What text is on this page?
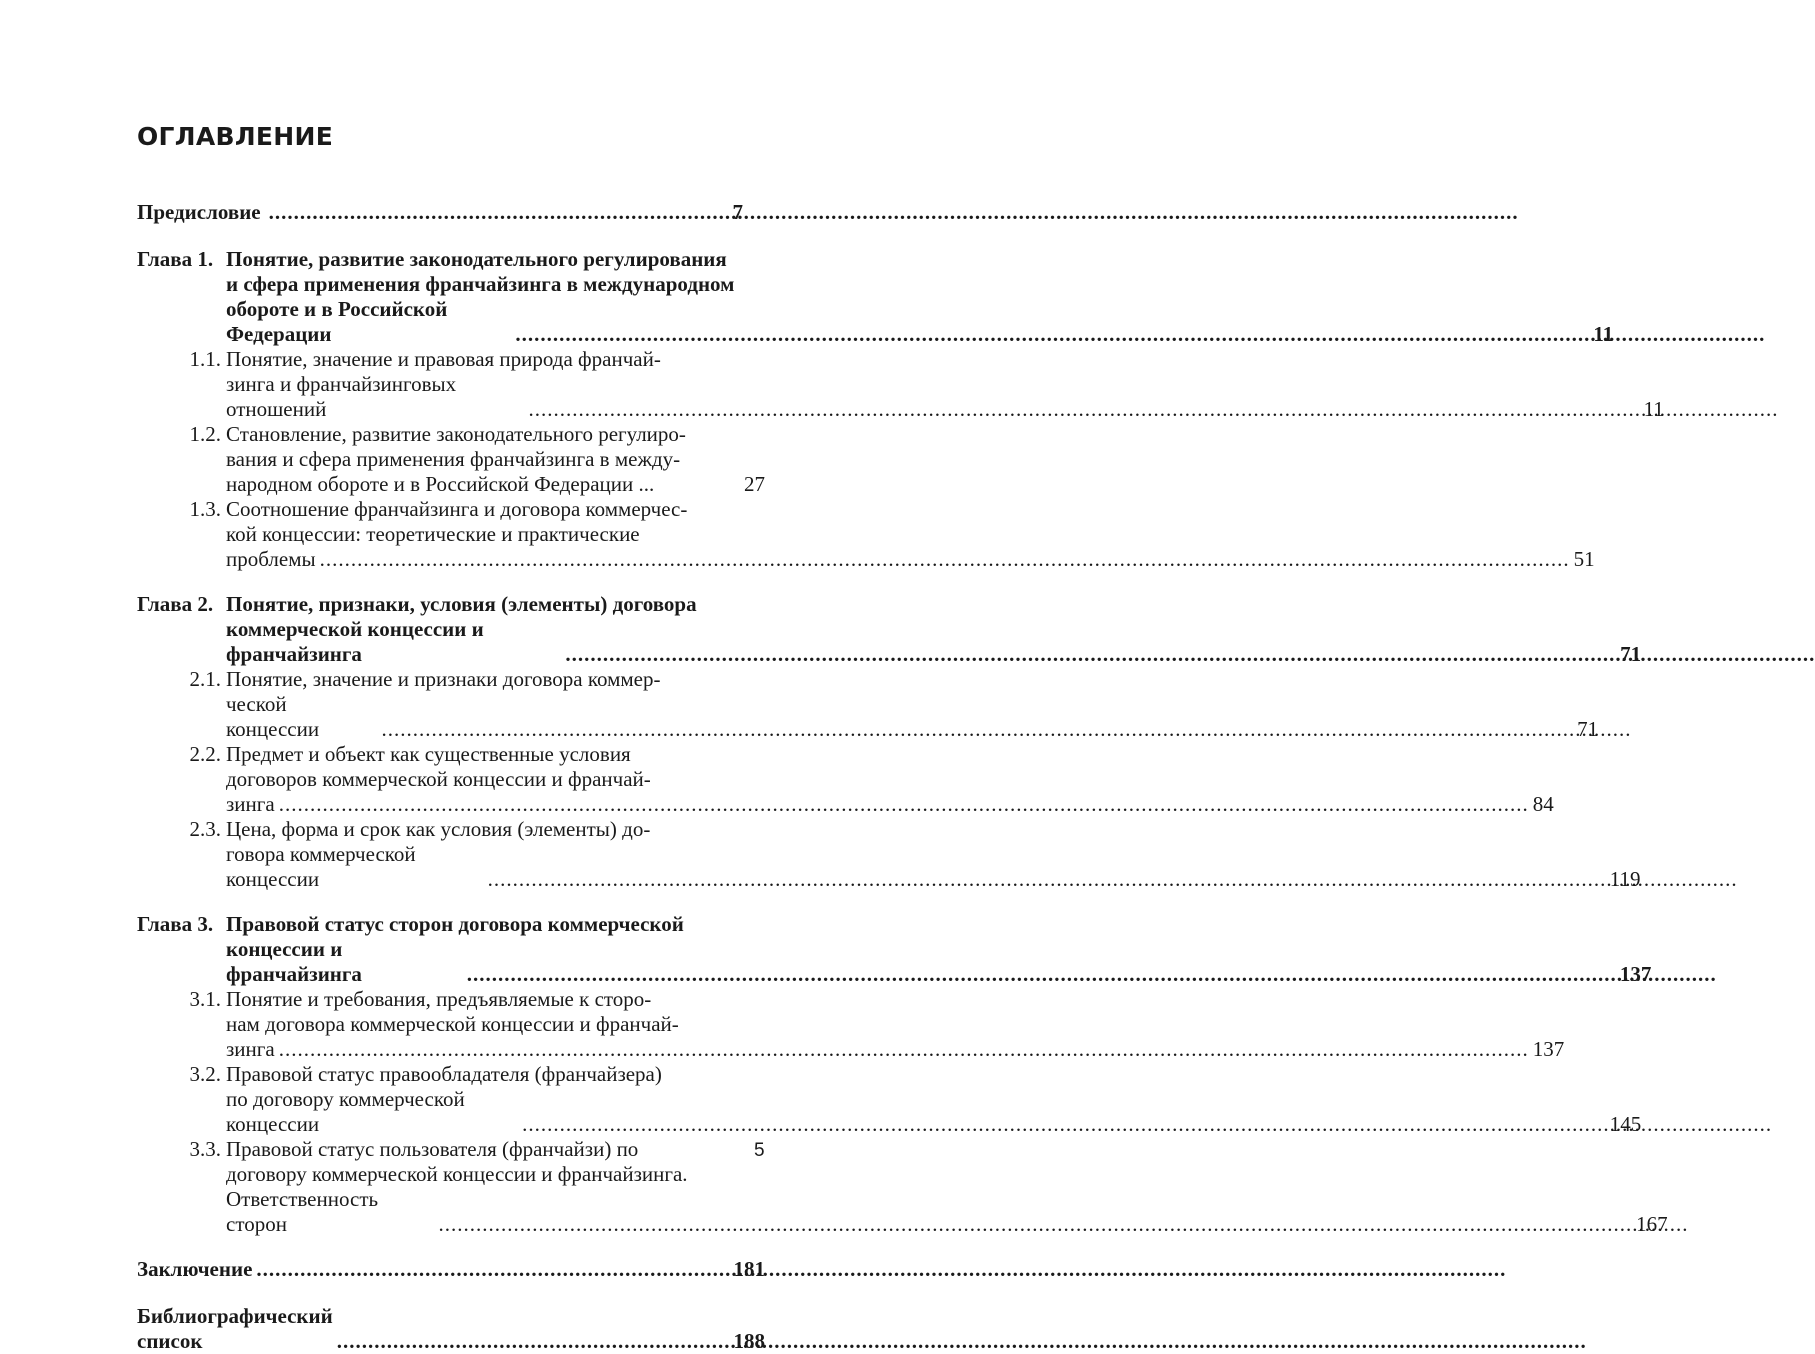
ОГЛАВЛЕНИЕ
Предисловие .....	7
Глава 1. Понятие, развитие законодательного регулирования
и сфера применения франчайзинга в международном
обороте и в Российской Федерации .....	11
1.1. Понятие, значение и правовая природа франчай-
зинга и франчайзинговых отношений .....	11
1.2. Становление, развитие законодательного регулиро-
вания и сфера применения франчайзинга в между-
народном обороте и в Российской Федерации ...	27
1.3. Соотношение франчайзинга и договора коммерчес-
кой концессии: теоретические и практические
проблемы .....	51
Глава 2. Понятие, признаки, условия (элементы) договора
коммерческой концессии и франчайзинга .....	71
2.1. Понятие, значение и признаки договора коммер-
ческой концессии .....	71
2.2. Предмет и объект как существенные условия
договоров коммерческой концессии и франчай-
зинга .....	84
2.3. Цена, форма и срок как условия (элементы) до-
говора коммерческой концессии .....	119
Глава 3. Правовой статус сторон договора коммерческой
концессии и франчайзинга .....	137
3.1. Понятие и требования, предъявляемые к сторо-
нам договора коммерческой концессии и франчай-
зинга .....	137
3.2. Правовой статус правообладателя (франчайзера)
по договору коммерческой концессии .....	145
3.3. Правовой статус пользователя (франчайзи) по
договору коммерческой концессии и франчайзинга.
Ответственность сторон .....	167
Заключение .....	181
Библиографический список .....	188
5
